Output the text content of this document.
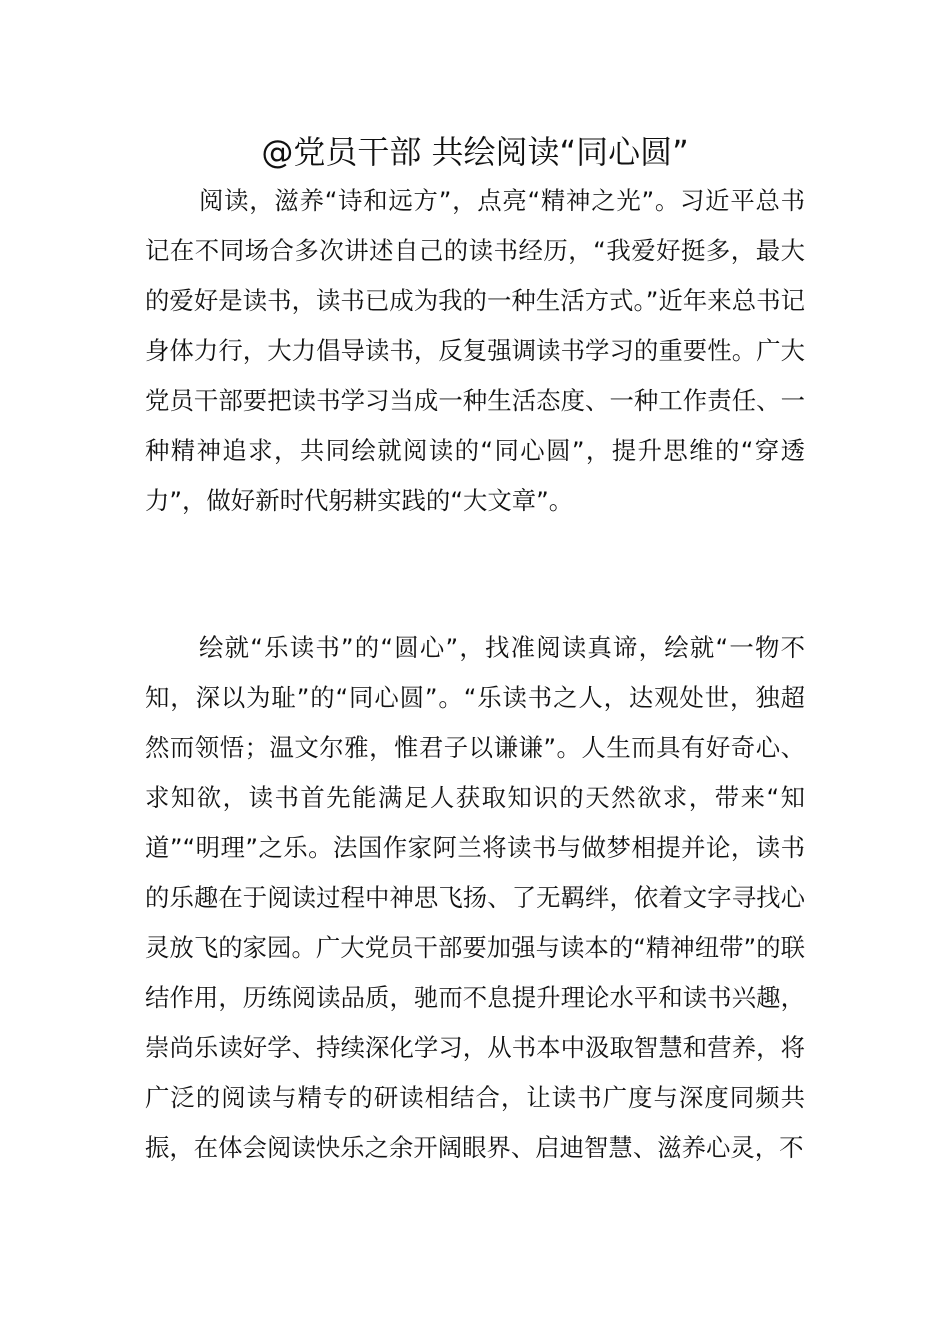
@党员干部 共绘阅读“同心圆”

阅读，滋养“诗和远方”，点亮“精神之光”。习近平总书记在不同场合多次讲述自己的读书经历，“我爱好挺多，最大的爱好是读书，读书已成为我的一种生活方式。”近年来总书记身体力行，大力倡导读书，反复强调读书学习的重要性。广大党员干部要把读书学习当成一种生活态度、一种工作责任、一种精神追求，共同绘就阅读的“同心圆”，提升思维的“穿透力”，做好新时代躬耕实践的“大文章”。

绘就“乐读书”的“圆心”，找准阅读真谛，绘就“一物不知，深以为耻”的“同心圆”。“乐读书之人，达观处世，独超然而领悟；温文尔雅，惟君子以谦谦”。人生而具有好奇心、求知欲，读书首先能满足人获取知识的天然欲求，带来“知道”“明理”之乐。法国作家阿兰将读书与做梦相提并论，读书的乐趣在于阅读过程中神思飞扬、了无羁绊，依着文字寻找心灵放飞的家园。广大党员干部要加强与读本的“精神纽带”的联结作用，历练阅读品质，驰而不息提升理论水平和读书兴趣，崇尚乐读好学、持续深化学习，从书本中汲取智慧和营养，将广泛的阅读与精专的研读相结合，让读书广度与深度同频共振，在体会阅读快乐之余开阔眼界、启迪智慧、滋养心灵，不
